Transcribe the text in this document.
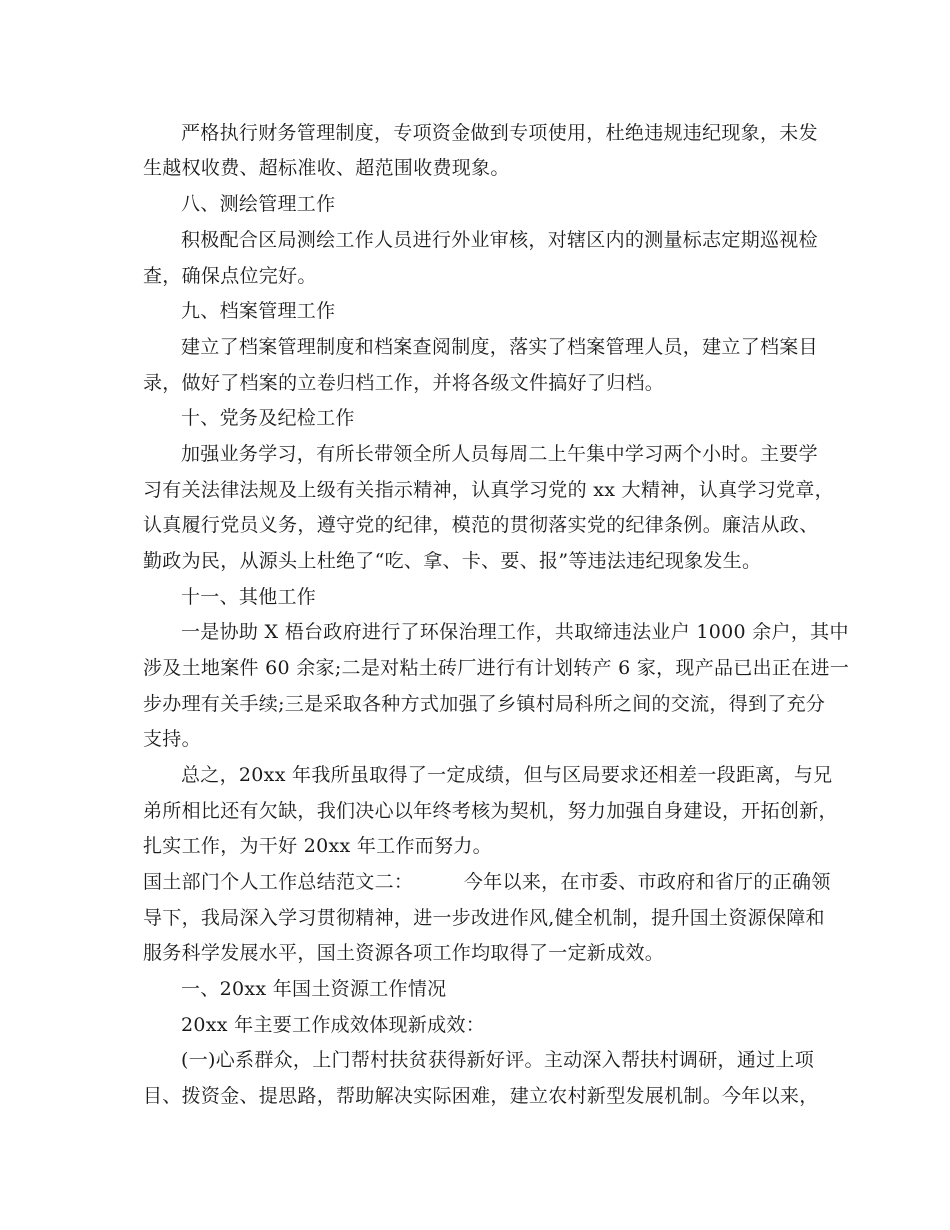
严格执行财务管理制度，专项资金做到专项使用，杜绝违规违纪现象，未发
生越权收费、超标准收、超范围收费现象。
八、测绘管理工作
积极配合区局测绘工作人员进行外业审核，对辖区内的测量标志定期巡视检
查，确保点位完好。
九、档案管理工作
建立了档案管理制度和档案查阅制度，落实了档案管理人员，建立了档案目
录，做好了档案的立卷归档工作，并将各级文件搞好了归档。
十、党务及纪检工作
加强业务学习，有所长带领全所人员每周二上午集中学习两个小时。主要学
习有关法律法规及上级有关指示精神，认真学习党的 xx 大精神，认真学习党章，
认真履行党员义务，遵守党的纪律，模范的贯彻落实党的纪律条例。廉洁从政、
勤政为民，从源头上杜绝了“吃、拿、卡、要、报”等违法违纪现象发生。
十一、其他工作
一是协助 X 梧台政府进行了环保治理工作，共取缔违法业户 1000 余户，其中
涉及土地案件 60 余家;二是对粘土砖厂进行有计划转产 6 家，现产品已出正在进一
步办理有关手续;三是采取各种方式加强了乡镇村局科所之间的交流，得到了充分
支持。
总之，20xx 年我所虽取得了一定成绩，但与区局要求还相差一段距离，与兄
弟所相比还有欠缺，我们决心以年终考核为契机，努力加强自身建设，开拓创新，
扎实工作，为干好 20xx 年工作而努力。
国土部门个人工作总结范文二：        今年以来，在市委、市政府和省厅的正确领
导下，我局深入学习贯彻精神，进一步改进作风,健全机制，提升国土资源保障和
服务科学发展水平，国土资源各项工作均取得了一定新成效。
一、20xx 年国土资源工作情况
20xx 年主要工作成效体现新成效：
(一)心系群众，上门帮村扶贫获得新好评。主动深入帮扶村调研，通过上项
目、拨资金、提思路，帮助解决实际困难，建立农村新型发展机制。今年以来，
